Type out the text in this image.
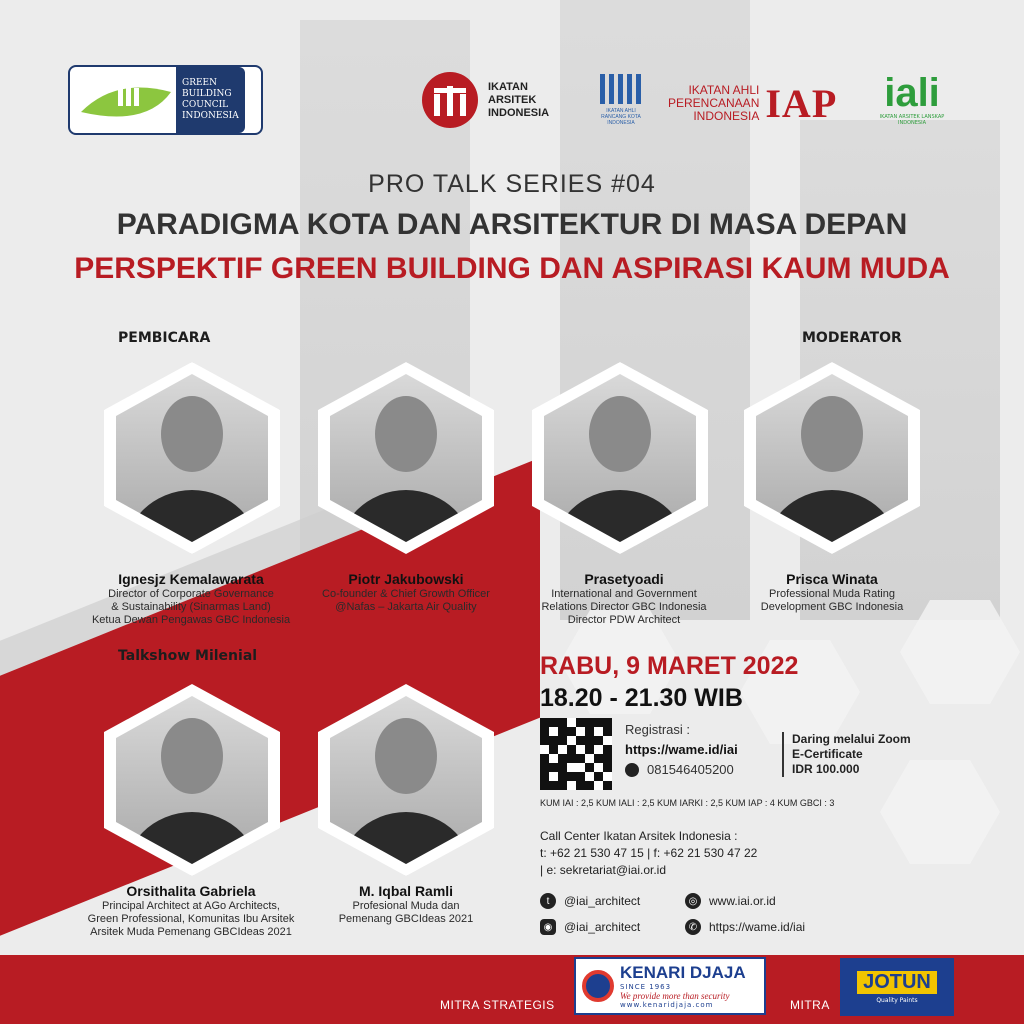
GREEN
BUILDING
COUNCIL
INDONESIA
IKATAN
ARSITEK
INDONESIA	IKATAN AHLI RANCANG KOTA INDONESIA
IKATAN AHLI
PERENCANAAN
INDONESIA IAP	iali
IKATAN ARSITEK LANSKAP INDONESIA
PRO TALK SERIES #04
PARADIGMA KOTA DAN ARSITEKTUR DI MASA DEPAN
PERSPEKTIF GREEN BUILDING DAN ASPIRASI KAUM MUDA
PEMBICARA	MODERATOR
Talkshow Milenial
Ignesjz Kemalawarata
Director of Corporate Governance
& Sustainability (Sinarmas Land)
Ketua Dewan Pengawas GBC Indonesia
Piotr Jakubowski
Co-founder & Chief Growth Officer
@Nafas – Jakarta Air Quality
Prasetyoadi
International and Government
Relations Director GBC Indonesia
Director PDW Architect
Prisca Winata
Professional Muda Rating
Development GBC Indonesia
Orsithalita Gabriela
Principal Architect at AGo Architects,
Green Professional, Komunitas Ibu Arsitek
Arsitek Muda Pemenang GBCIdeas 2021
M. Iqbal Ramli
Profesional Muda dan
Pemenang GBCIdeas 2021
RABU, 9 MARET 2022
18.20 - 21.30 WIB
Registrasi :
https://wame.id/iai
081546405200
Daring melalui Zoom
E-Certificate
IDR 100.000
KUM IAI : 2,5 KUM IALI : 2,5 KUM IARKI : 2,5 KUM IAP : 4 KUM GBCI : 3
Call Center Ikatan Arsitek Indonesia :
t: +62 21 530 47 15 | f: +62 21 530 47 22
| e: sekretariat@iai.or.id
t	@iai_architect	◎ www.iai.or.id
◉ @iai_architect	✆ https://wame.id/iai
MITRA STRATEGIS	MITRA
KENARI DJAJA
SINCE 1963
We provide more than security
www.kenaridjaja.com
JOTUN
Quality Paints
